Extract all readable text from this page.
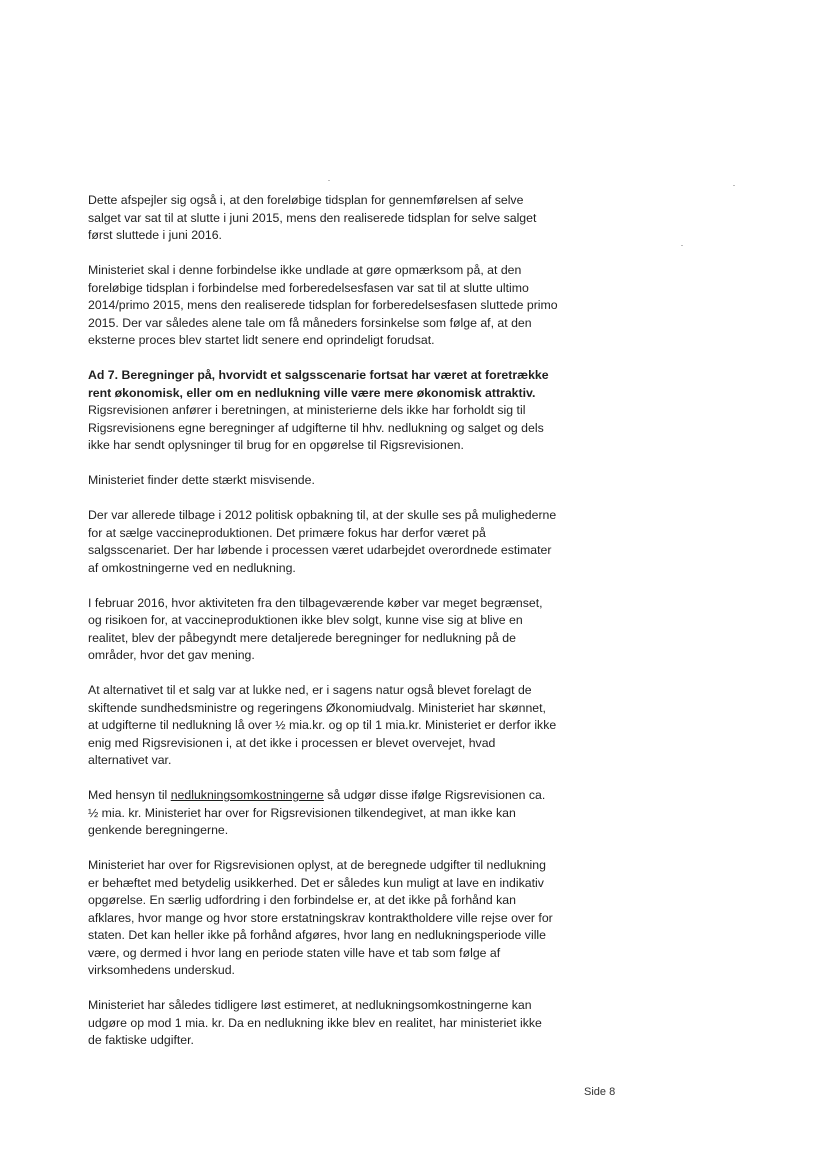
Dette afspejler sig også i, at den foreløbige tidsplan for gennemførelsen af selve salget var sat til at slutte i juni 2015, mens den realiserede tidsplan for selve salget først sluttede i juni 2016.

Ministeriet skal i denne forbindelse ikke undlade at gøre opmærksom på, at den foreløbige tidsplan i forbindelse med forberedelsesfasen var sat til at slutte ultimo 2014/primo 2015, mens den realiserede tidsplan for forberedelsesfasen sluttede primo 2015. Der var således alene tale om få måneders forsinkelse som følge af, at den eksterne proces blev startet lidt senere end oprindeligt forudsat.

Ad 7. Beregninger på, hvorvidt et salgsscenarie fortsat har været at foretrække rent økonomisk, eller om en nedlukning ville være mere økonomisk attraktiv.

Rigsrevisionen anfører i beretningen, at ministerierne dels ikke har forholdt sig til Rigsrevisionens egne beregninger af udgifterne til hhv. nedlukning og salget og dels ikke har sendt oplysninger til brug for en opgørelse til Rigsrevisionen.

Ministeriet finder dette stærkt misvisende.

Der var allerede tilbage i 2012 politisk opbakning til, at der skulle ses på mulighederne for at sælge vaccineproduktionen. Det primære fokus har derfor været på salgsscenariet. Der har løbende i processen været udarbejdet overordnede estimater af omkostningerne ved en nedlukning.

I februar 2016, hvor aktiviteten fra den tilbageværende køber var meget begrænset, og risikoen for, at vaccineproduktionen ikke blev solgt, kunne vise sig at blive en realitet, blev der påbegyndt mere detaljerede beregninger for nedlukning på de områder, hvor det gav mening.

At alternativet til et salg var at lukke ned, er i sagens natur også blevet forelagt de skiftende sundhedsministre og regeringens Økonomiudvalg. Ministeriet har skønnet, at udgifterne til nedlukning lå over ½ mia.kr. og op til 1 mia.kr. Ministeriet er derfor ikke enig med Rigsrevisionen i, at det ikke i processen er blevet overvejet, hvad alternativet var.

Med hensyn til nedlukningsomkostningerne så udgør disse ifølge Rigsrevisionen ca. ½ mia. kr. Ministeriet har over for Rigsrevisionen tilkendegivet, at man ikke kan genkende beregningerne.

Ministeriet har over for Rigsrevisionen oplyst, at de beregnede udgifter til nedlukning er behæftet med betydelig usikkerhed. Det er således kun muligt at lave en indikativ opgørelse. En særlig udfordring i den forbindelse er, at det ikke på forhånd kan afklares, hvor mange og hvor store erstatningskrav kontraktholdere ville rejse over for staten. Det kan heller ikke på forhånd afgøres, hvor lang en nedlukningsperiode ville være, og dermed i hvor lang en periode staten ville have et tab som følge af virksomhedens underskud.

Ministeriet har således tidligere løst estimeret, at nedlukningsomkostningerne kan udgøre op mod 1 mia. kr. Da en nedlukning ikke blev en realitet, har ministeriet ikke de faktiske udgifter.

Side 8
